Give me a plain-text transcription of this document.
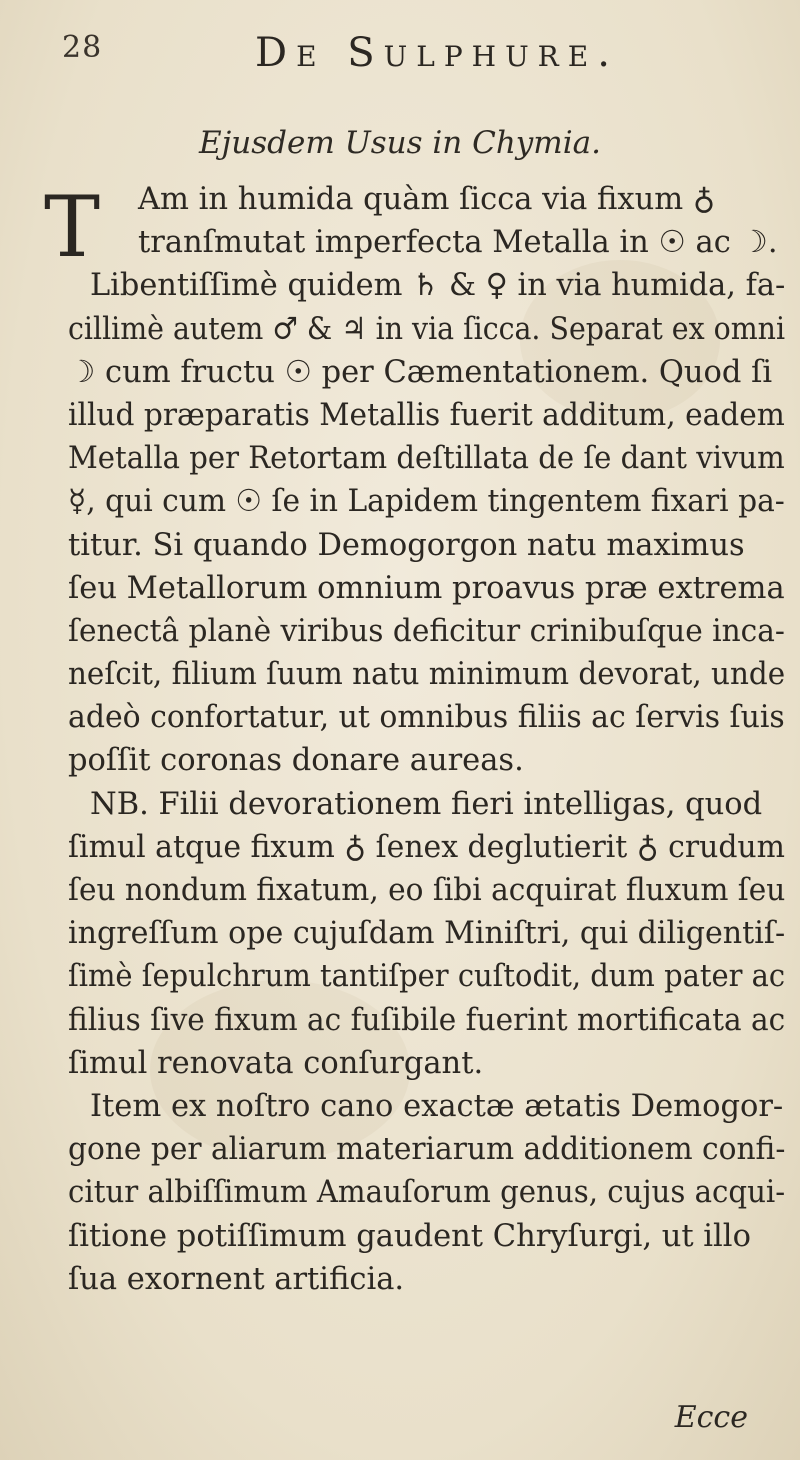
28	De Sulphure.
Ejusdem Usus in Chymia.
T	Am in humida quàm ſicca via fixum ♁
tranſmutat imperfecta Metalla in ☉ ac ☽.
Libentiſſimè quidem ♄ & ♀ in via humida, fa-
cillimè autem ♂ & ♃ in via ſicca. Separat ex omni
☽ cum fructu ☉ per Cæmentationem. Quod ſi
illud præparatis Metallis fuerit additum, eadem
Metalla per Retortam deſtillata de ſe dant vivum
☿, qui cum ☉ ſe in Lapidem tingentem fixari pa-
titur. Si quando Demogorgon natu maximus
ſeu Metallorum omnium proavus præ extrema
ſenectâ planè viribus deficitur crinibuſque inca-
neſcit, filium ſuum natu minimum devorat, unde
adeò confortatur, ut omnibus filiis ac ſervis ſuis
poſſit coronas donare aureas.
NB. Filii devorationem fieri intelligas, quod
ſimul atque fixum ♁ ſenex deglutierit ♁ crudum
ſeu nondum fixatum, eo ſibi acquirat fluxum ſeu
ingreſſum ope cujuſdam Miniſtri, qui diligentiſ-
ſimè ſepulchrum tantiſper cuſtodit, dum pater ac
filius ſive fixum ac fuſibile fuerint mortificata ac
ſimul renovata conſurgant.
Item ex noſtro cano exactæ ætatis Demogor-
gone per aliarum materiarum additionem confi-
citur albiſſimum Amauſorum genus, cujus acqui-
ſitione potiſſimum gaudent Chryſurgi, ut illo
ſua exornent artificia.
Ecce
